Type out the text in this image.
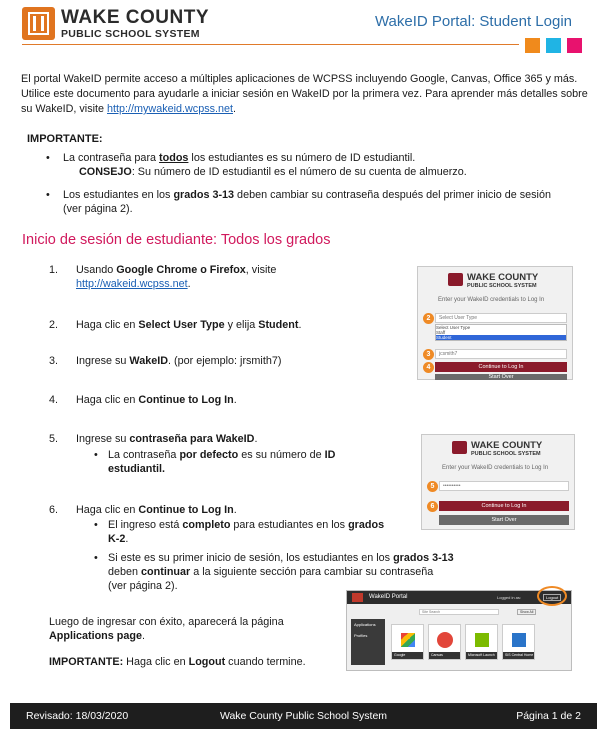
WAKE COUNTY
PUBLIC SCHOOL SYSTEM
WakeID Portal: Student Login

El portal WakeID permite acceso a múltiples aplicaciones de WCPSS incluyendo Google, Canvas, Office 365 y más. Utilice este documento para ayudarle a iniciar sesión en WakeID por la primera vez. Para aprender más detalles sobre su WakeID, visite http://mywakeid.wcpss.net.

IMPORTANTE:
• La contraseña para todos los estudiantes es su número de ID estudiantil.
CONSEJO: Su número de ID estudiantil es el número de su cuenta de almuerzo.
• Los estudiantes en los grados 3-13 deben cambiar su contraseña después del primer inicio de sesión (ver página 2).
Inicio de sesión de estudiante: Todos los grados
1. Usando Google Chrome o Firefox, visite
http://wakeid.wcpss.net.
2. Haga clic en Select User Type y elija Student.
3. Ingrese su WakeID. (por ejemplo: jrsmith7)
4. Haga clic en Continue to Log In.
5. Ingrese su contraseña para WakeID.
• La contraseña por defecto es su número de ID estudiantil.
6. Haga clic en Continue to Log In.
• El ingreso está completo para estudiantes en los grados K-2.
• Si este es su primer inicio de sesión, los estudiantes en los grados 3-13 deben continuar a la siguiente sección para cambiar su contraseña (ver página 2).
Luego de ingresar con éxito, aparecerá la página Applications page.
IMPORTANTE: Haga clic en Logout cuando termine.
WAKE COUNTY
PUBLIC SCHOOL SYSTEM
Enter your WakeID credentials to Log In
2	Select User Type
Select User Type
Staff
Student
3	jcsmith7
4	Continue to Log In
Start Over
WAKE COUNTY
PUBLIC SCHOOL SYSTEM
Enter your WakeID credentials to Log In
5	••••••••••
6	Continue to Log In
Start Over
WakeID Portal	Logged in as:	Logout
Site Search	Show All
Applications
Profiles
Google	Canvas	Microsoft Launch	SIS Central Home
Revisado: 18/03/2020	Wake County Public School System	Página 1 de 2
